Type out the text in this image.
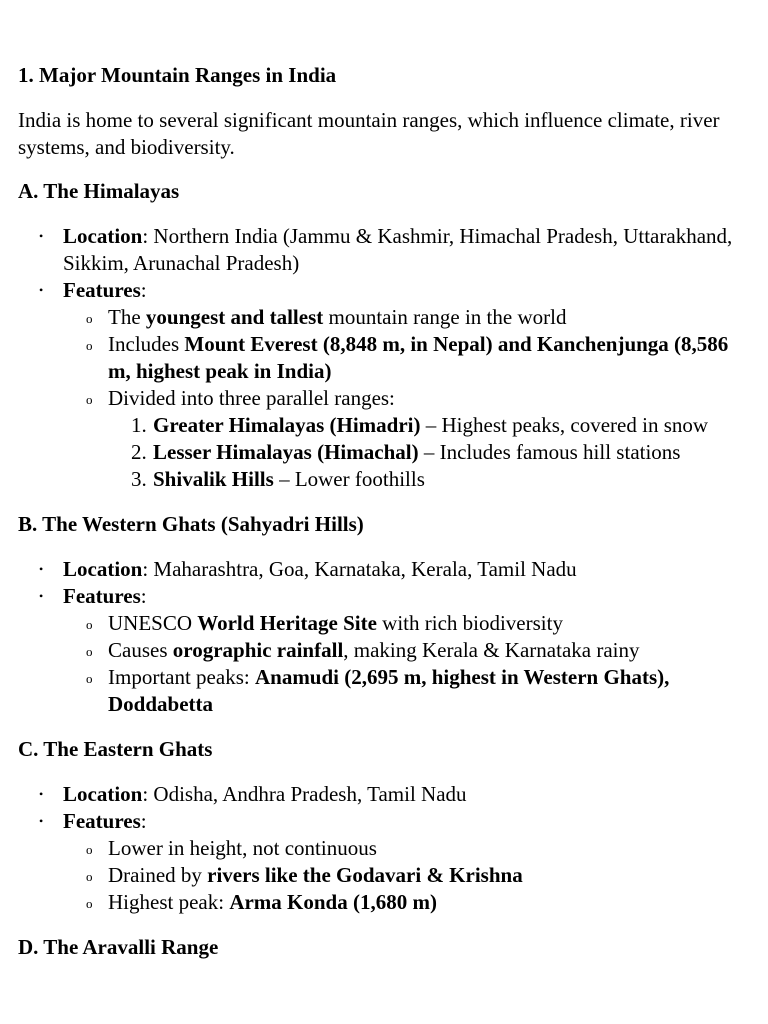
1. Major Mountain Ranges in India

India is home to several significant mountain ranges, which influence climate, river systems, and biodiversity.

A. The Himalayas
• Location: Northern India (Jammu & Kashmir, Himachal Pradesh, Uttarakhand, Sikkim, Arunachal Pradesh)
• Features:
o The youngest and tallest mountain range in the world
o Includes Mount Everest (8,848 m, in Nepal) and Kanchenjunga (8,586 m, highest peak in India)
o Divided into three parallel ranges:
1. Greater Himalayas (Himadri) – Highest peaks, covered in snow
2. Lesser Himalayas (Himachal) – Includes famous hill stations
3. Shivalik Hills – Lower foothills
B. The Western Ghats (Sahyadri Hills)
• Location: Maharashtra, Goa, Karnataka, Kerala, Tamil Nadu
• Features:
o UNESCO World Heritage Site with rich biodiversity
o Causes orographic rainfall, making Kerala & Karnataka rainy
o Important peaks: Anamudi (2,695 m, highest in Western Ghats), Doddabetta
C. The Eastern Ghats
• Location: Odisha, Andhra Pradesh, Tamil Nadu
• Features:
o Lower in height, not continuous
o Drained by rivers like the Godavari & Krishna
o Highest peak: Arma Konda (1,680 m)
D. The Aravalli Range
